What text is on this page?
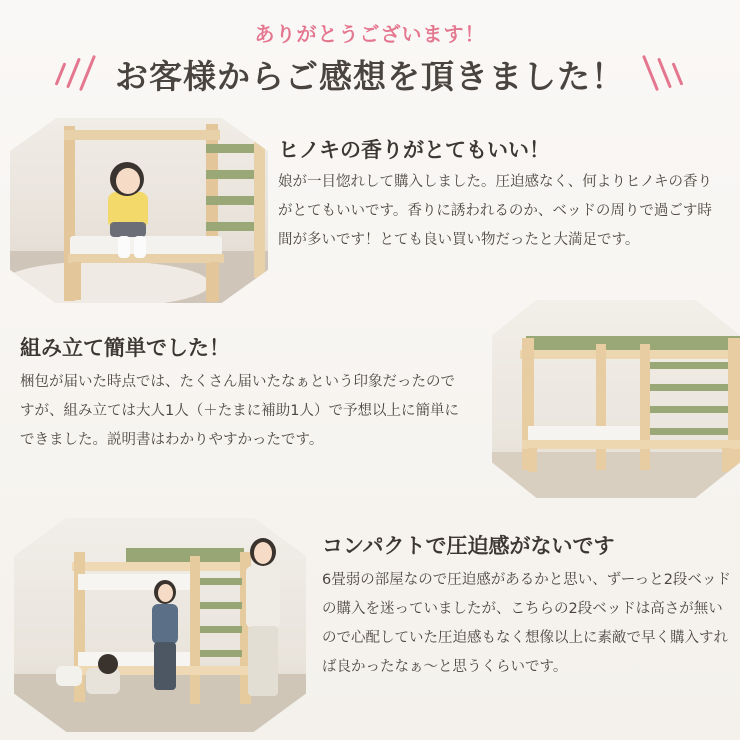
ありがとうございます！
お客様からご感想を頂きました！
ヒノキの香りがとてもいい！
娘が一目惚れして購入しました。圧迫感なく、何よりヒノキの香りがとてもいいです。香りに誘われるのか、ベッドの周りで過ごす時間が多いです！とても良い買い物だったと大満足です。
組み立て簡単でした！
梱包が届いた時点では、たくさん届いたなぁという印象だったのですが、組み立ては大人1人（＋たまに補助1人）で予想以上に簡単にできました。説明書はわかりやすかったです。
コンパクトで圧迫感がないです
6畳弱の部屋なので圧迫感があるかと思い、ずーっと2段ベッドの購入を迷っていましたが、こちらの2段ベッドは高さが無いので心配していた圧迫感もなく想像以上に素敵で早く購入すれば良かったなぁ～と思うくらいです。
